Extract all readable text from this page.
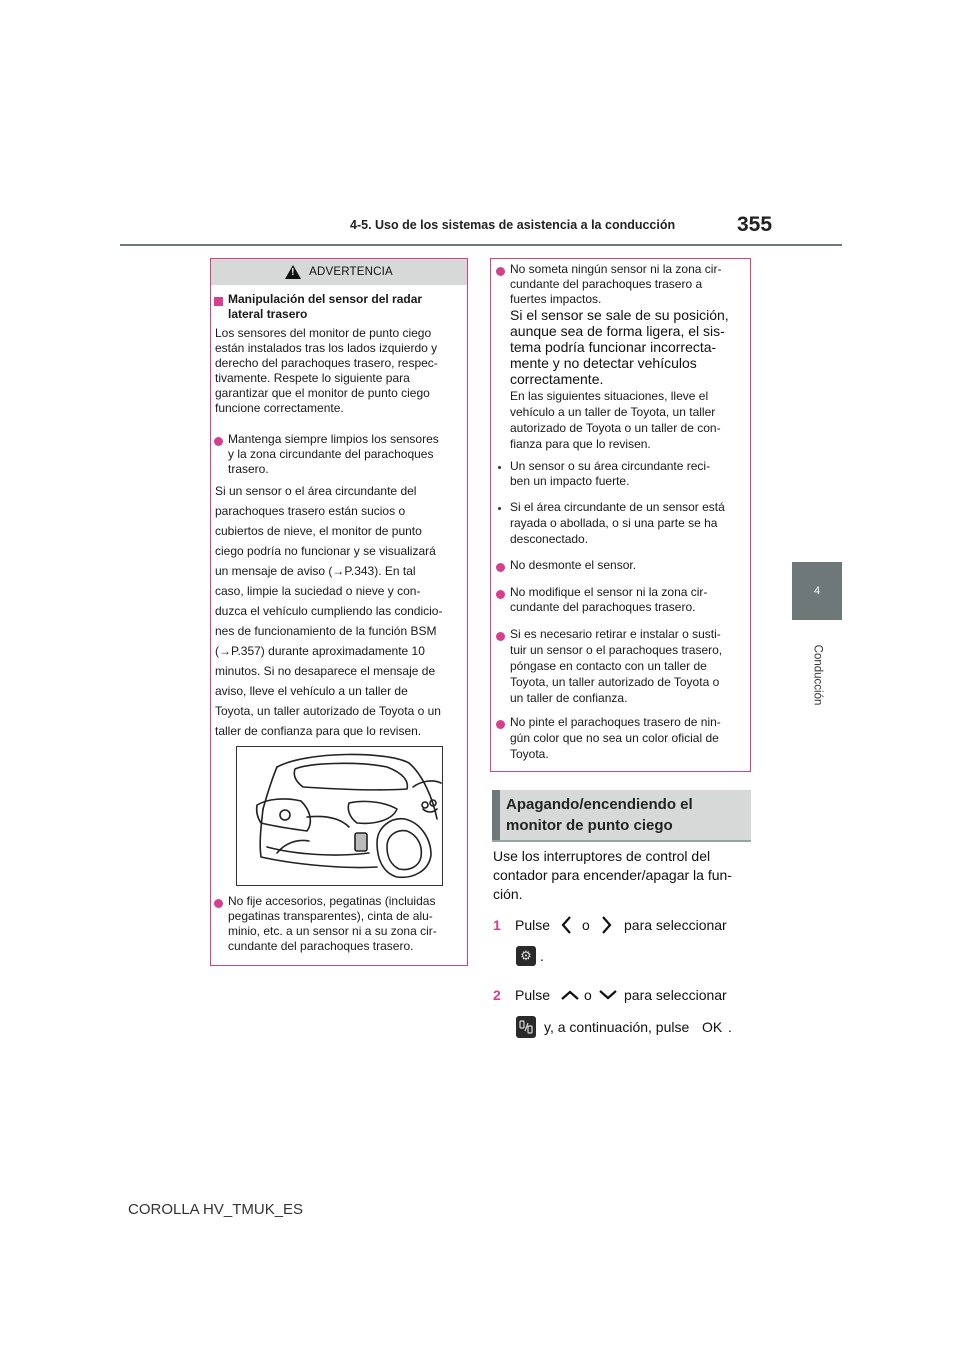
4-5. Uso de los sistemas de asistencia a la conducción	355
4
Conducción
!
ADVERTENCIA
Manipulación del sensor del radar
lateral trasero
Los sensores del monitor de punto ciego
están instalados tras los lados izquierdo y
derecho del parachoques trasero, respec-
tivamente. Respete lo siguiente para
garantizar que el monitor de punto ciego
funcione correctamente.
Mantenga siempre limpios los sensores
y la zona circundante del parachoques
trasero.
Si un sensor o el área circundante del
parachoques trasero están sucios o
cubiertos de nieve, el monitor de punto
ciego podría no funcionar y se visualizará
un mensaje de aviso (→P.343). En tal
caso, limpie la suciedad o nieve y con-
duzca el vehículo cumpliendo las condicio-
nes de funcionamiento de la función BSM
(→P.357) durante aproximadamente 10
minutos. Si no desaparece el mensaje de
aviso, lleve el vehículo a un taller de
Toyota, un taller autorizado de Toyota o un
taller de confianza para que lo revisen.
No fije accesorios, pegatinas (incluidas
pegatinas transparentes), cinta de alu-
minio, etc. a un sensor ni a su zona cir-
cundante del parachoques trasero.
No someta ningún sensor ni la zona cir-
cundante del parachoques trasero a
fuertes impactos.
Si el sensor se sale de su posición,
aunque sea de forma ligera, el sis-
tema podría funcionar incorrecta-
mente y no detectar vehículos
correctamente.
En las siguientes situaciones, lleve el
vehículo a un taller de Toyota, un taller
autorizado de Toyota o un taller de con-
fianza para que lo revisen.
Un sensor o su área circundante reci-
ben un impacto fuerte.
Si el área circundante de un sensor está
rayada o abollada, o si una parte se ha
desconectado.
No desmonte el sensor.
No modifique el sensor ni la zona cir-
cundante del parachoques trasero.
Si es necesario retirar e instalar o susti-
tuir un sensor o el parachoques trasero,
póngase en contacto con un taller de
Toyota, un taller autorizado de Toyota o
un taller de confianza.
No pinte el parachoques trasero de nin-
gún color que no sea un color oficial de
Toyota.
Apagando/encendiendo el
monitor de punto ciego
Use los interruptores de control del
contador para encender/apagar la fun-
ción.
1 Pulse o para seleccionar
⚙ .
2 Pulse o para seleccionar
y, a continuación, pulse OK .
COROLLA HV_TMUK_ES
